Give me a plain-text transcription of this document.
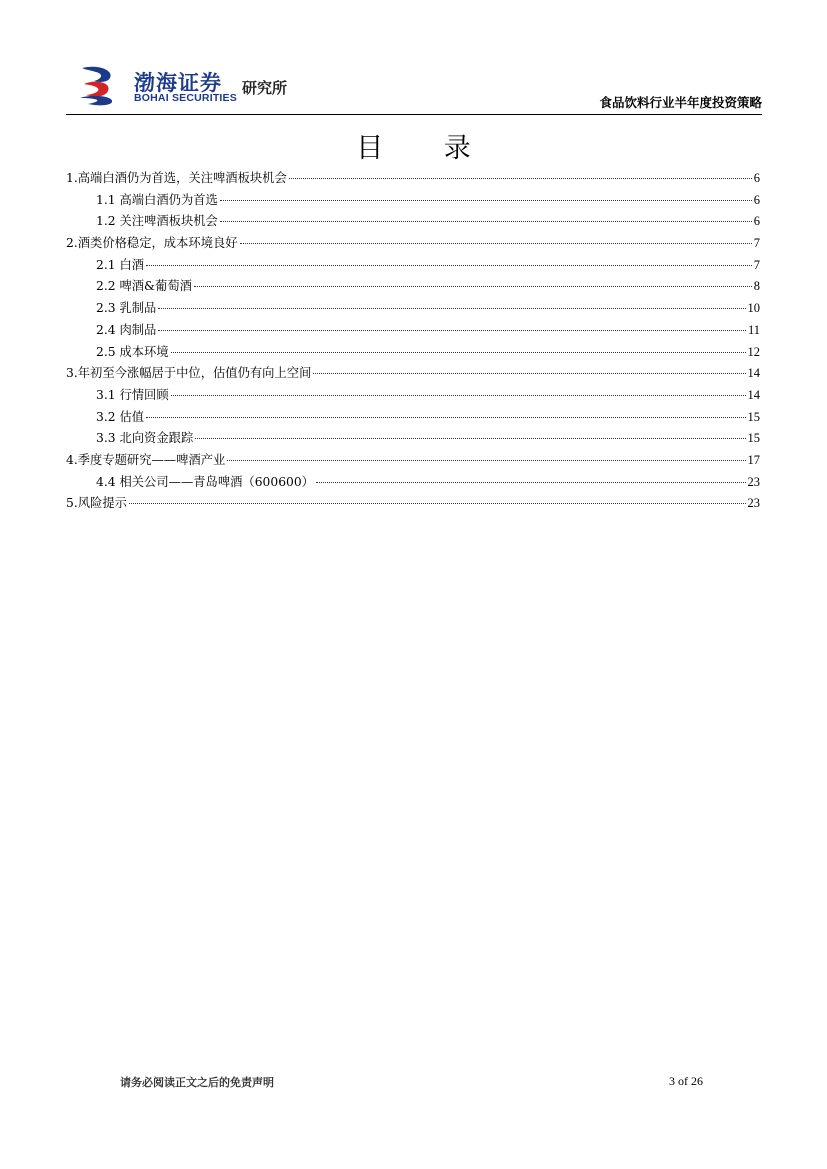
渤海证券
BOHAI SECURITIES
研究所
食品饮料行业半年度投资策略
目 录
1.高端白酒仍为首选，关注啤酒板块机会	6
1.1 高端白酒仍为首选	6
1.2 关注啤酒板块机会	6
2.酒类价格稳定，成本环境良好	7
2.1 白酒	7
2.2 啤酒&葡萄酒	8
2.3 乳制品	10
2.4 肉制品	11
2.5 成本环境	12
3.年初至今涨幅居于中位，估值仍有向上空间	14
3.1 行情回顾	14
3.2 估值	15
3.3 北向资金跟踪	15
4.季度专题研究——啤酒产业	17
4.4 相关公司——青岛啤酒（600600）	23
5.风险提示	23
请务必阅读正文之后的免责声明	3 of 26
